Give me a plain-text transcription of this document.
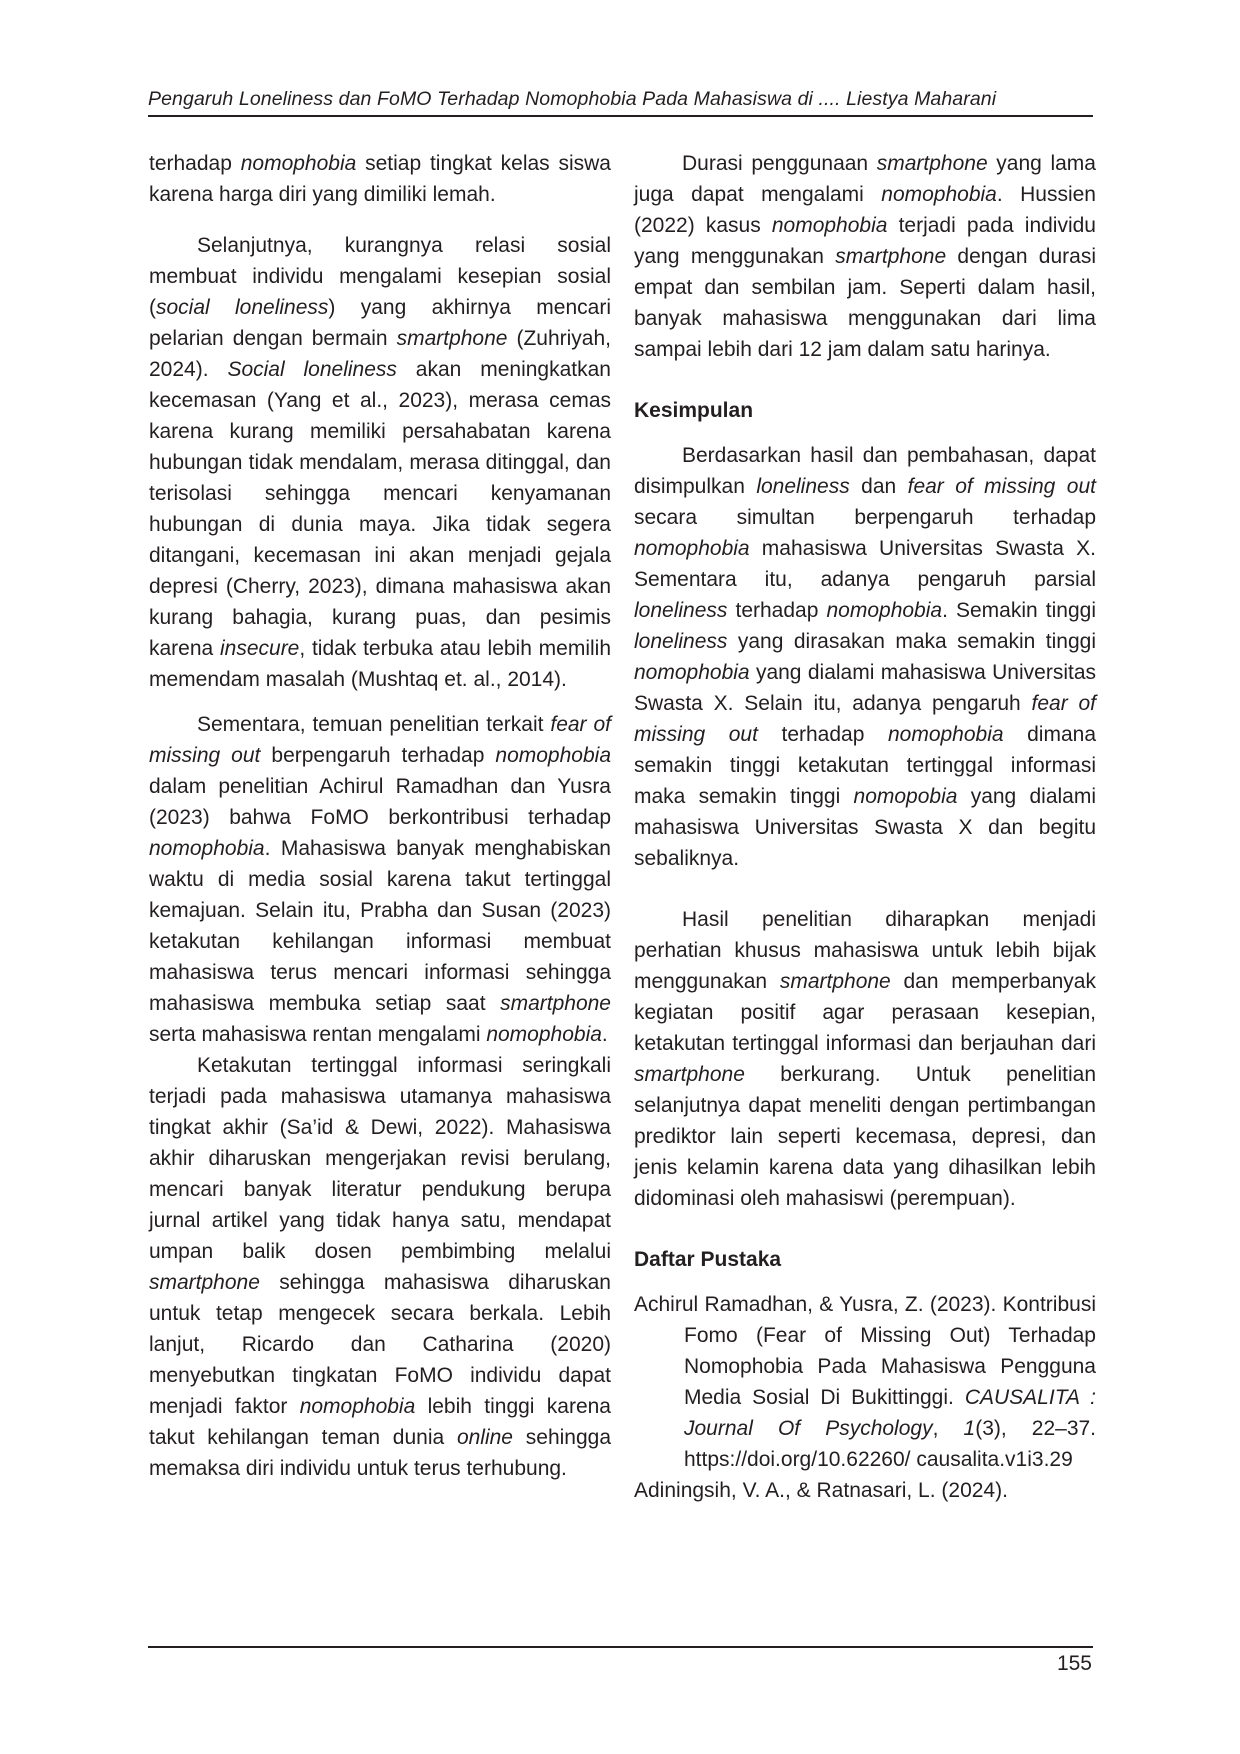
Pengaruh Loneliness dan FoMO Terhadap Nomophobia Pada Mahasiswa di .... Liestya Maharani

terhadap nomophobia setiap tingkat kelas siswa karena harga diri yang dimiliki lemah.

Selanjutnya, kurangnya relasi sosial membuat individu mengalami kesepian sosial (social loneliness) yang akhirnya mencari pelarian dengan bermain smartphone (Zuhriyah, 2024). Social loneliness akan meningkatkan kecemasan (Yang et al., 2023), merasa cemas karena kurang memiliki persahabatan karena hubungan tidak mendalam, merasa ditinggal, dan terisolasi sehingga mencari kenyamanan hubungan di dunia maya. Jika tidak segera ditangani, kecemasan ini akan menjadi gejala depresi (Cherry, 2023), dimana mahasiswa akan kurang bahagia, kurang puas, dan pesimis karena insecure, tidak terbuka atau lebih memilih memendam masalah (Mushtaq et. al., 2014).

Sementara, temuan penelitian terkait fear of missing out berpengaruh terhadap nomophobia dalam penelitian Achirul Ramadhan dan Yusra (2023) bahwa FoMO berkontribusi terhadap nomophobia. Mahasiswa banyak menghabiskan waktu di media sosial karena takut tertinggal kemajuan. Selain itu, Prabha dan Susan (2023) ketakutan kehilangan informasi membuat mahasiswa terus mencari informasi sehingga mahasiswa membuka setiap saat smartphone serta mahasiswa rentan mengalami nomophobia.

Ketakutan tertinggal informasi seringkali terjadi pada mahasiswa utamanya mahasiswa tingkat akhir (Sa’id & Dewi, 2022). Mahasiswa akhir diharuskan mengerjakan revisi berulang, mencari banyak literatur pendukung berupa jurnal artikel yang tidak hanya satu, mendapat umpan balik dosen pembimbing melalui smartphone sehingga mahasiswa diharuskan untuk tetap mengecek secara berkala. Lebih lanjut, Ricardo dan Catharina (2020) menyebutkan tingkatan FoMO individu dapat menjadi faktor nomophobia lebih tinggi karena takut kehilangan teman dunia online sehingga memaksa diri individu untuk terus terhubung.

Durasi penggunaan smartphone yang lama juga dapat mengalami nomophobia. Hussien (2022) kasus nomophobia terjadi pada individu yang menggunakan smartphone dengan durasi empat dan sembilan jam. Seperti dalam hasil, banyak mahasiswa menggunakan dari lima sampai lebih dari 12 jam dalam satu harinya.

Kesimpulan

Berdasarkan hasil dan pembahasan, dapat disimpulkan loneliness dan fear of missing out secara simultan berpengaruh terhadap nomophobia mahasiswa Universitas Swasta X. Sementara itu, adanya pengaruh parsial loneliness terhadap nomophobia. Semakin tinggi loneliness yang dirasakan maka semakin tinggi nomophobia yang dialami mahasiswa Universitas Swasta X. Selain itu, adanya pengaruh fear of missing out terhadap nomophobia dimana semakin tinggi ketakutan tertinggal informasi maka semakin tinggi nomopobia yang dialami mahasiswa Universitas Swasta X dan begitu sebaliknya.

Hasil penelitian diharapkan menjadi perhatian khusus mahasiswa untuk lebih bijak menggunakan smartphone dan memperbanyak kegiatan positif agar perasaan kesepian, ketakutan tertinggal informasi dan berjauhan dari smartphone berkurang. Untuk penelitian selanjutnya dapat meneliti dengan pertimbangan prediktor lain seperti kecemasa, depresi, dan jenis kelamin karena data yang dihasilkan lebih didominasi oleh mahasiswi (perempuan).

Daftar Pustaka

Achirul Ramadhan, & Yusra, Z. (2023). Kontribusi Fomo (Fear of Missing Out) Terhadap Nomophobia Pada Mahasiswa Pengguna Media Sosial Di Bukittinggi. CAUSALITA : Journal Of Psychology, 1(3), 22–37. https://doi.org/10.62260/ causalita.v1i3.29

Adiningsih, V. A., & Ratnasari, L. (2024).

155
